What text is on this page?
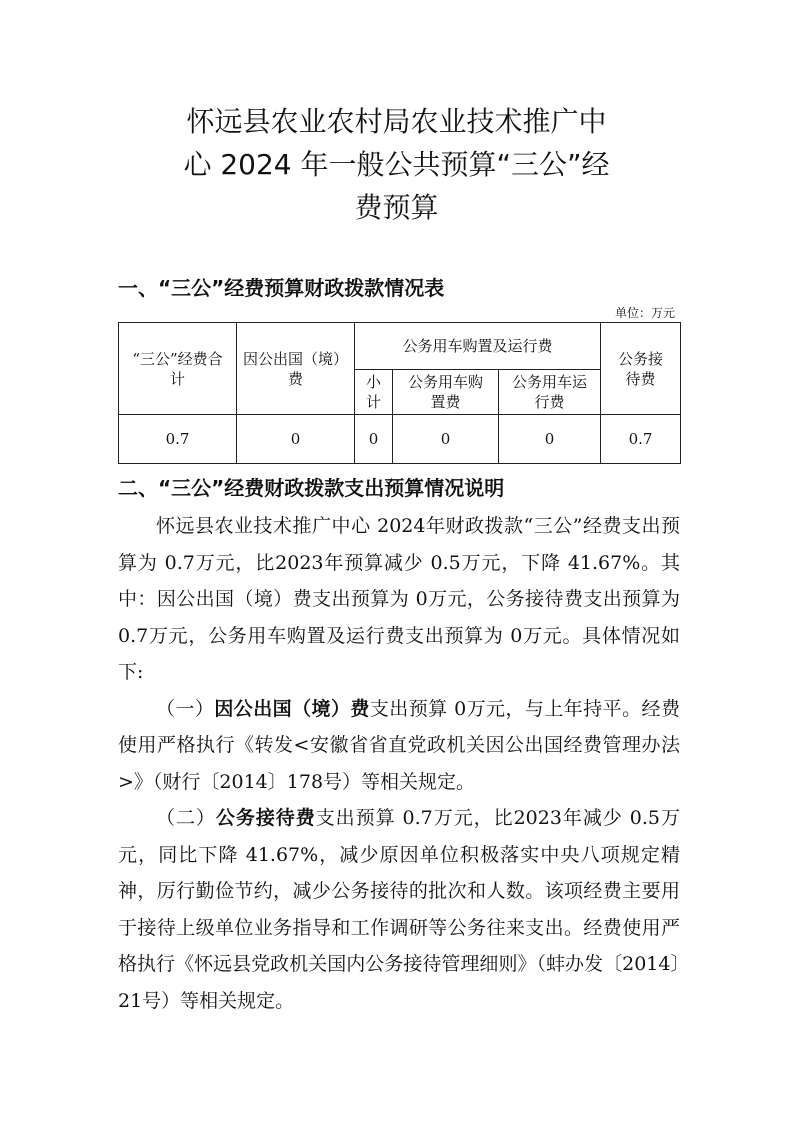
怀远县农业农村局农业技术推广中
心 2024 年一般公共预算“三公”经
费预算
一、“三公”经费预算财政拨款情况表
单位：万元
“三公”经费合计	因公出国（境）费	公务用车购置及运行费			公务接待费
		小计	公务用车购置费	公务用车运行费	
0.7	0	0	0	0	0.7
二、“三公”经费财政拨款支出预算情况说明

怀远县农业技术推广中心 2024年财政拨款“三公”经费支出预算为 0.7万元，比2023年预算减少 0.5万元，下降 41.67%。其中：因公出国（境）费支出预算为 0万元，公务接待费支出预算为 0.7万元，公务用车购置及运行费支出预算为 0万元。具体情况如下:

（一）因公出国（境）费支出预算 0万元，与上年持平。经费使用严格执行《转发<安徽省省直党政机关因公出国经费管理办法>》（财行〔2014〕178号）等相关规定。

（二）公务接待费支出预算 0.7万元，比2023年减少 0.5万元，同比下降 41.67%，减少原因单位积极落实中央八项规定精神，厉行勤俭节约，减少公务接待的批次和人数。该项经费主要用于接待上级单位业务指导和工作调研等公务往来支出。经费使用严格执行《怀远县党政机关国内公务接待管理细则》（蚌办发〔2014〕21号）等相关规定。
